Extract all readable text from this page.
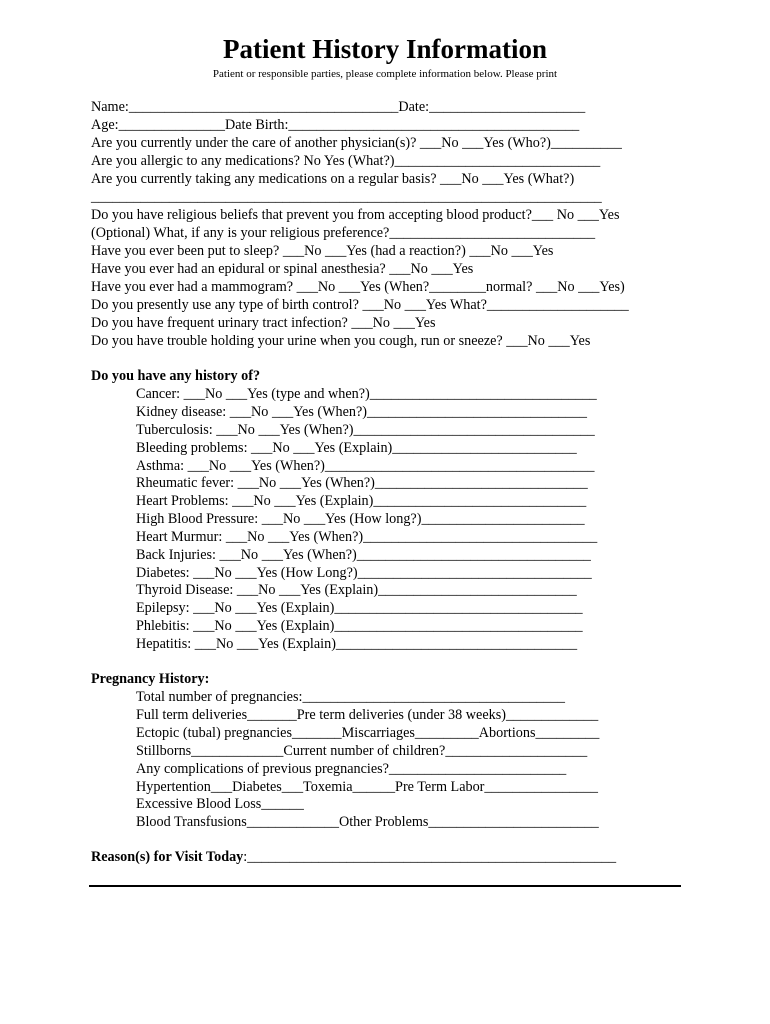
Patient History Information
Patient or responsible parties, please complete information below. Please print
Name:______________________________________Date:______________________
Age:_______________Date Birth:_________________________________________
Are you currently under the care of another physician(s)? ___No ___Yes (Who?)__________
Are you allergic to any medications? No Yes (What?)_____________________________
Are you currently taking any medications on a regular basis? ___No ___Yes (What?)
________________________________________________________________________
Do you have religious beliefs that prevent you from accepting blood product?___ No ___Yes
(Optional) What, if any is your religious preference?_____________________________
Have you ever been put to sleep? ___No ___Yes (had a reaction?) ___No ___Yes
Have you ever had an epidural or spinal anesthesia? ___No ___Yes
Have you ever had a mammogram? ___No ___Yes (When?________normal? ___No ___Yes)
Do you presently use any type of birth control? ___No ___Yes What?____________________
Do you have frequent urinary tract infection? ___No ___Yes
Do you have trouble holding your urine when you cough, run or sneeze? ___No ___Yes
Do you have any history of?
Cancer: ___No ___Yes (type and when?)________________________________
Kidney disease: ___No ___Yes (When?)_______________________________
Tuberculosis: ___No ___Yes (When?)__________________________________
Bleeding problems: ___No ___Yes (Explain)__________________________
Asthma: ___No ___Yes (When?)______________________________________
Rheumatic fever: ___No ___Yes (When?)______________________________
Heart Problems: ___No ___Yes (Explain)______________________________
High Blood Pressure: ___No ___Yes (How long?)_______________________
Heart Murmur: ___No ___Yes (When?)_________________________________
Back Injuries: ___No ___Yes (When?)_________________________________
Diabetes: ___No ___Yes (How Long?)_________________________________
Thyroid Disease: ___No ___Yes (Explain)____________________________
Epilepsy: ___No ___Yes (Explain)___________________________________
Phlebitis: ___No ___Yes (Explain)___________________________________
Hepatitis: ___No ___Yes (Explain)__________________________________
Pregnancy History:
Total number of pregnancies:_____________________________________
Full term deliveries_______Pre term deliveries (under 38 weeks)_____________
Ectopic (tubal) pregnancies_______Miscarriages_________Abortions_________
Stillborns_____________Current number of children?____________________
Any complications of previous pregnancies?_________________________
Hypertention___Diabetes___Toxemia______Pre Term Labor________________
Excessive Blood Loss______
Blood Transfusions_____________Other Problems________________________
Reason(s) for Visit Today:____________________________________________________
